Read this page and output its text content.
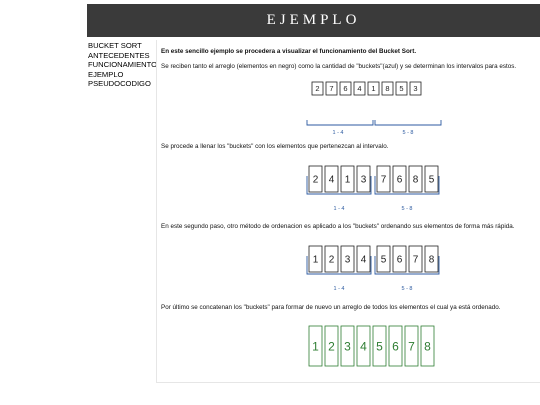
EJEMPLO
BUCKET SORT
ANTECEDENTES
FUNCIONAMIENTO
EJEMPLO
PSEUDOCODIGO

En este sencillo ejemplo se procedera a visualizar el funcionamiento del Bucket Sort.

Se reciben tanto el arreglo (elementos en negro) como la cantidad de "buckets"(azul) y se determinan los intervalos para estos.

2 7 6 4 1 8 5 3
1 - 4	5 - 8

Se procede a llenar los "buckets" con los elementos que pertenezcan al intervalo.

2 4 1 3
1 - 4
7 6 8 5
5 - 8

En este segundo paso, otro método de ordenacion es aplicado a los "buckets" ordenando sus elementos de forma más rápida.

1 2 3 4
1 - 4
5 6 7 8
5 - 8

Por último se concatenan los "buckets" para formar de nuevo un arreglo de todos los elementos el cual ya está ordenado.

1 2 3 4 5 6 7 8
